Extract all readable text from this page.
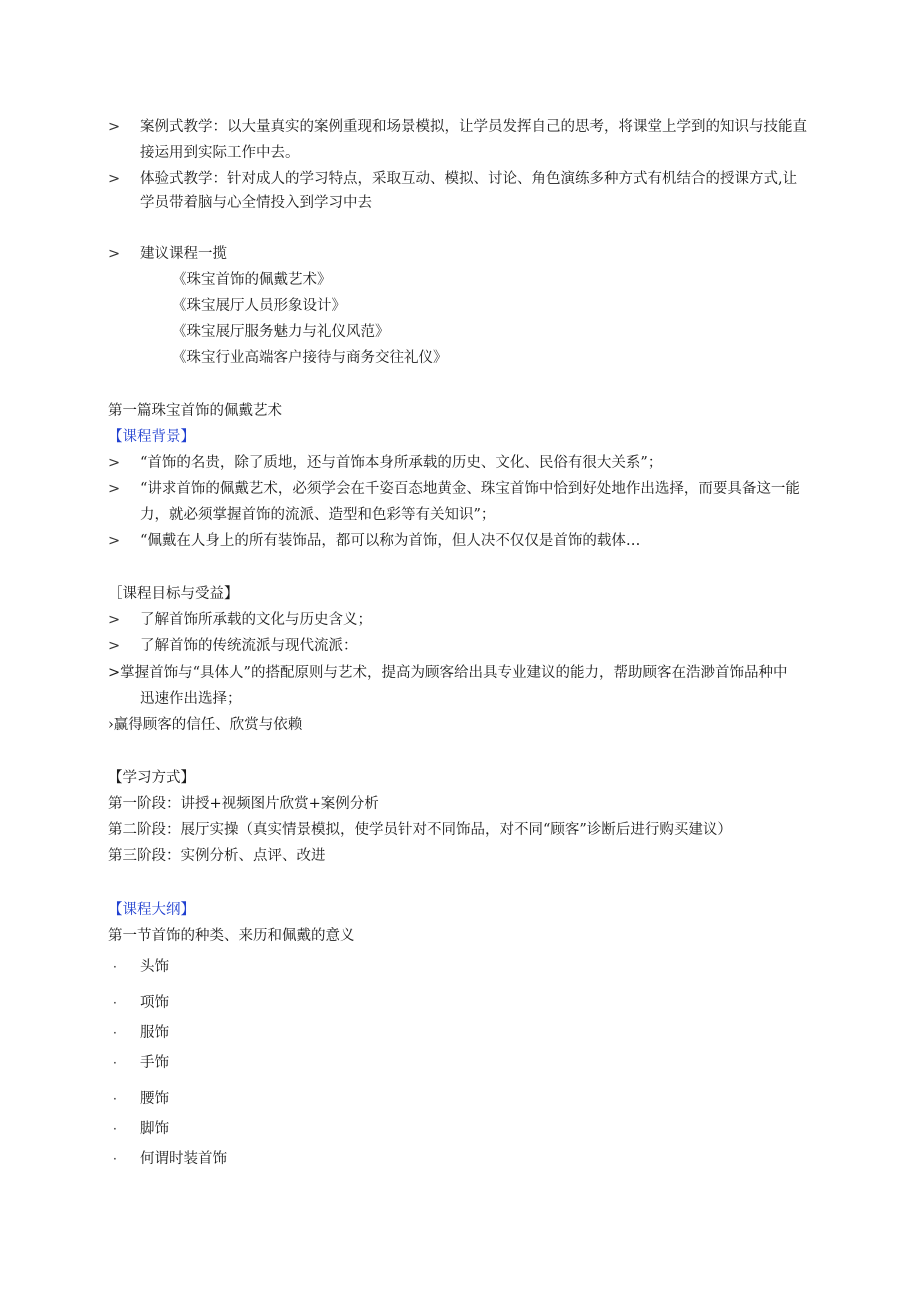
>	案例式教学：以大量真实的案例重现和场景模拟，让学员发挥自己的思考，将课堂上学到的知识与技能直
接运用到实际工作中去。
>	体验式教学：针对成人的学习特点，采取互动、模拟、讨论、角色演练多种方式有机结合的授课方式,让
学员带着脑与心全情投入到学习中去
>	建议课程一揽
《珠宝首饰的佩戴艺术》
《珠宝展厅人员形象设计》
《珠宝展厅服务魅力与礼仪风范》
《珠宝行业高端客户接待与商务交往礼仪》
第一篇珠宝首饰的佩戴艺术
【课程背景】
>	“首饰的名贵，除了质地，还与首饰本身所承载的历史、文化、民俗有很大关系”；
>	“讲求首饰的佩戴艺术，必须学会在千姿百态地黄金、珠宝首饰中恰到好处地作出选择，而要具备这一能
力，就必须掌握首饰的流派、造型和色彩等有关知识”；
>	“佩戴在人身上的所有装饰品，都可以称为首饰，但人决不仅仅是首饰的载体…
［课程目标与受益】
>	了解首饰所承载的文化与历史含义；
>	了解首饰的传统流派与现代流派：
>掌握首饰与“具体人”的搭配原则与艺术，提高为顾客给出具专业建议的能力，帮助顾客在浩渺首饰品种中
迅速作出选择；
›赢得顾客的信任、欣赏与依赖
【学习方式】
第一阶段：讲授+视频图片欣赏+案例分析
第二阶段：展厅实操（真实情景模拟，使学员针对不同饰品，对不同“顾客”诊断后进行购买建议）
第三阶段：实例分析、点评、改进
【课程大纲】
第一节首饰的种类、来历和佩戴的意义
· 头饰
· 项饰
· 服饰
· 手饰
· 腰饰
· 脚饰
· 何谓时装首饰
